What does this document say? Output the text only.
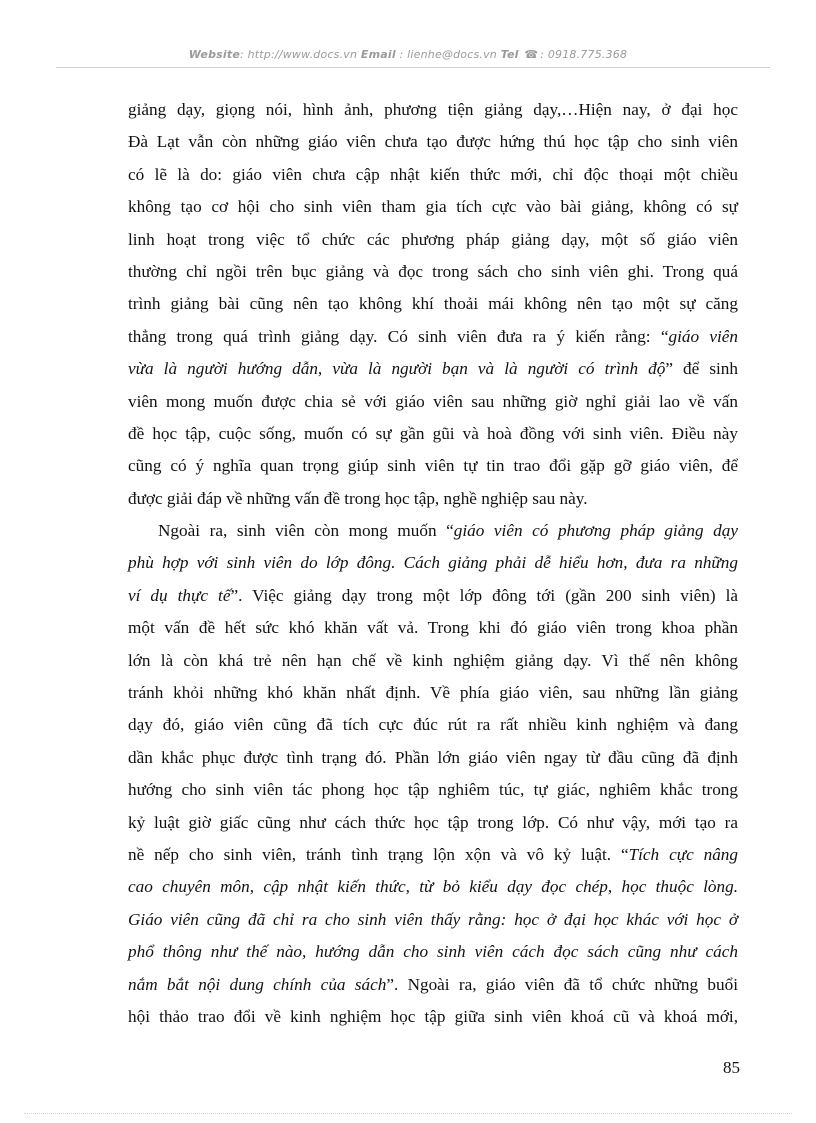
Website: http://www.docs.vn Email : lienhe@docs.vn Tel ☎ : 0918.775.368
giảng dạy, giọng nói, hình ảnh, phương tiện giảng dạy,…Hiện nay, ở đại học
Đà Lạt vẫn còn những giáo viên chưa tạo được hứng thú học tập cho sinh viên
có lẽ là do: giáo viên chưa cập nhật kiến thức mới, chỉ độc thoại một chiều
không tạo cơ hội cho sinh viên tham gia tích cực vào bài giảng, không có sự
linh hoạt trong việc tổ chức các phương pháp giảng dạy, một số giáo viên
thường chỉ ngồi trên bục giảng và đọc trong sách cho sinh viên ghi. Trong quá
trình giảng bài cũng nên tạo không khí thoải mái không nên tạo một sự căng
thẳng trong quá trình giảng dạy. Có sinh viên đưa ra ý kiến rằng: “giáo viên
vừa là người hướng dẫn, vừa là người bạn và là người có trình độ” để sinh
viên mong muốn được chia sẻ với giáo viên sau những giờ nghỉ giải lao về vấn
đề học tập, cuộc sống, muốn có sự gần gũi và hoà đồng với sinh viên. Điều này
cũng có ý nghĩa quan trọng giúp sinh viên tự tin trao đổi gặp gỡ giáo viên, để
được giải đáp về những vấn đề trong học tập, nghề nghiệp sau này.
Ngoài ra, sinh viên còn mong muốn “giáo viên có phương pháp giảng dạy
phù hợp với sinh viên do lớp đông. Cách giảng phải dễ hiểu hơn, đưa ra những
ví dụ thực tế”. Việc giảng dạy trong một lớp đông tới (gần 200 sinh viên) là
một vấn đề hết sức khó khăn vất vả. Trong khi đó giáo viên trong khoa phần
lớn là còn khá trẻ nên hạn chế về kinh nghiệm giảng dạy. Vì thế nên không
tránh khỏi những khó khăn nhất định. Về phía giáo viên, sau những lần giảng
dạy đó, giáo viên cũng đã tích cực đúc rút ra rất nhiều kinh nghiệm và đang
dần khắc phục được tình trạng đó. Phần lớn giáo viên ngay từ đầu cũng đã định
hướng cho sinh viên tác phong học tập nghiêm túc, tự giác, nghiêm khắc trong
kỷ luật giờ giấc cũng như cách thức học tập trong lớp. Có như vậy, mới tạo ra
nề nếp cho sinh viên, tránh tình trạng lộn xộn và vô kỷ luật. “Tích cực nâng
cao chuyên môn, cập nhật kiến thức, từ bỏ kiểu dạy đọc chép, học thuộc lòng.
Giáo viên cũng đã chỉ ra cho sinh viên thấy rằng: học ở đại học khác với học ở
phổ thông như thế nào, hướng dẫn cho sinh viên cách đọc sách cũng như cách
nắm bắt nội dung chính của sách”. Ngoài ra, giáo viên đã tổ chức những buổi
hội thảo trao đổi về kinh nghiệm học tập giữa sinh viên khoá cũ và khoá mới,
85
